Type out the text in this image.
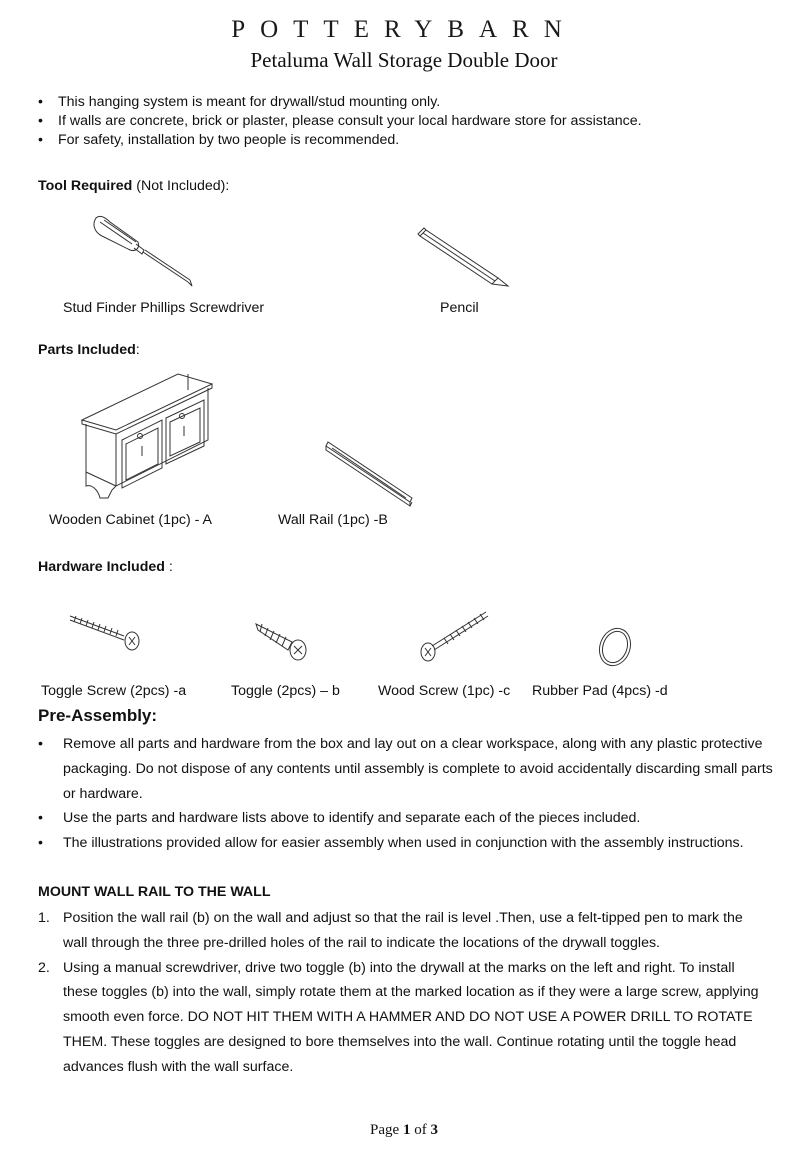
POTTERYBARN
Petaluma Wall Storage Double Door
• This hanging system is meant for drywall/stud mounting only.
• If walls are concrete, brick or plaster, please consult your local hardware store for assistance.
• For safety, installation by two people is recommended.
Tool Required (Not Included):
Stud Finder Phillips Screwdriver	Pencil
Parts Included:
Wooden Cabinet (1pc) - A	Wall Rail (1pc) -B
Hardware Included :
Toggle Screw (2pcs) -a	Toggle (2pcs) – b	Wood Screw (1pc) -c Rubber Pad (4pcs) -d
Pre-Assembly:
• Remove all parts and hardware from the box and lay out on a clear workspace, along with any plastic protective packaging. Do not dispose of any contents until assembly is complete to avoid accidentally discarding small parts or hardware.
• Use the parts and hardware lists above to identify and separate each of the pieces included.
• The illustrations provided allow for easier assembly when used in conjunction with the assembly instructions.
MOUNT WALL RAIL TO THE WALL
1. Position the wall rail (b) on the wall and adjust so that the rail is level .Then, use a felt-tipped pen to mark the wall through the three pre-drilled holes of the rail to indicate the locations of the drywall toggles.
2. Using a manual screwdriver, drive two toggle (b) into the drywall at the marks on the left and right. To install these toggles (b) into the wall, simply rotate them at the marked location as if they were a large screw, applying smooth even force. DO NOT HIT THEM WITH A HAMMER AND DO NOT USE A POWER DRILL TO ROTATE THEM. These toggles are designed to bore themselves into the wall. Continue rotating until the toggle head advances flush with the wall surface.
Page 1 of 3
